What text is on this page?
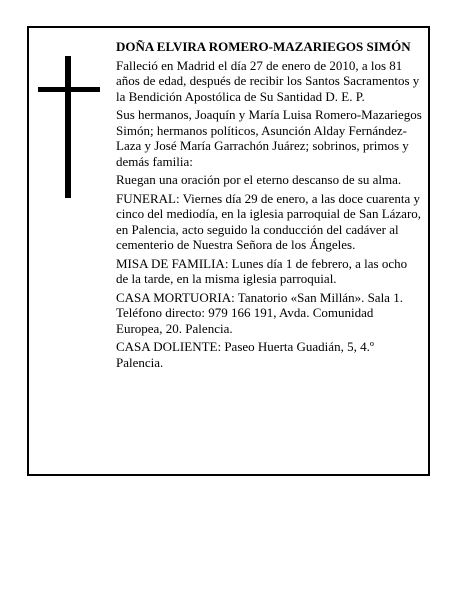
DOÑA ELVIRA ROMERO-MAZARIEGOS SIMÓN

Falleció en Madrid el día 27 de enero de 2010, a los 81 años de edad, después de recibir los Santos Sacramentos y la Bendición Apostólica de Su Santidad D. E. P.

Sus hermanos, Joaquín y María Luisa Romero-Mazariegos Simón; hermanos políticos, Asunción Alday Fernández-Laza y José María Garrachón Juárez; sobrinos, primos y demás familia:

Ruegan una oración por el eterno descanso de su alma.

FUNERAL: Viernes día 29 de enero, a las doce cuarenta y cinco del mediodía, en la iglesia parroquial de San Lázaro, en Palencia, acto seguido la conducción del cadáver al cementerio de Nuestra Señora de los Ángeles.

MISA DE FAMILIA: Lunes día 1 de febrero, a las ocho de la tarde, en la misma iglesia parroquial.

CASA MORTUORIA: Tanatorio «San Millán». Sala 1. Teléfono directo: 979 166 191, Avda. Comunidad Europea, 20. Palencia.

CASA DOLIENTE: Paseo Huerta Guadián, 5, 4.º Palencia.
